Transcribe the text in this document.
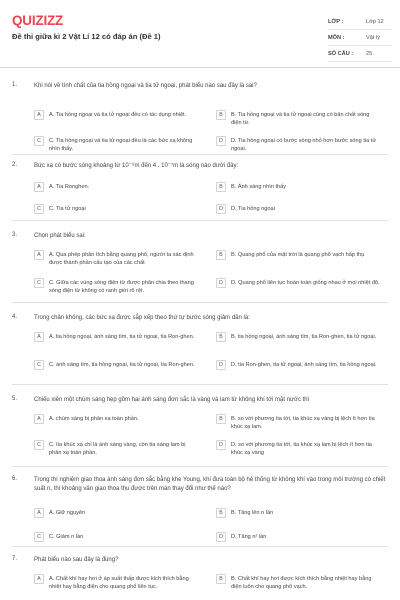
QUIZIZZ
Đề thi giữa kì 2 Vật Lí 12 có đáp án (Đề 1)
LỚP :	Lớp 12
MÔN :	Vật lý
SỐ CÂU : 25
1.	Khi nói về tính chất của tia hồng ngoại và tia tử ngoại, phát biểu nào sau đây là sai?
A	A. Tia hồng ngoại và tia tử ngoại đều có tác dụng nhiệt.	B	B. Tia hồng ngoại và tia tử ngoại cùng có bản chất sóng điện từ.
C	C. Tia hồng ngoại và tia tử ngoại đều là các bức xạ không nhìn thấy.
D	D. Tia hồng ngoại có bước sóng nhỏ hơn bước sóng tia tử ngoại.
2.	Bức xạ có bước sóng khoảng từ 10⁻⁹m đến 4 . 10⁻⁷m là sóng nào dưới đây:
A	A. Tia Ronghen.	B	B. Ánh sáng nhìn thấy
C	C. Tia tử ngoại	D	D. Tia hồng ngoại
3.	Chọn phát biểu sai:
A	A. Qua phép phân tích bằng quang phổ, người ta xác định được thành phần cấu tạo của các chất
B	B. Quang phổ của mặt trời là quang phổ vạch hấp thụ
C	C. Giữa các vùng sóng điện từ được phân chia theo thang sóng điện từ không có ranh giới rõ rệt.
D	D. Quang phổ liên tục hoàn toàn giống nhau ở mọi nhiệt độ.
4.	Trong chân không, các bức xạ được sắp xếp theo thứ tự bước sóng giảm dần là:
A	A. tia hồng ngoại, ánh sáng tím, tia tử ngoại, tia Ron-ghen.	B	B. tia hồng ngoại, ánh sáng tím, tia Ron-ghen, tia tử ngoại.
C	C. ánh sáng tím, tia hồng ngoại, tia tử ngoại, tia Ron-ghen.	D	D. tia Ron-ghen, tia tử ngoại, ánh sáng tím, tia hồng ngoại.
5.	Chiếu xiên một chùm sáng hẹp gồm hai ánh sáng đơn sắc là vàng và lam từ không khí tới mặt nước thì
A	A. chùm sáng bị phản xạ toàn phần.	B	B. so với phương tia tới, tia khúc xạ vàng bị lệch ít hơn tia khúc xạ lam.
C	C. tia khúc xạ chỉ là ánh sáng vàng, còn tia sáng lam bị phản xạ toàn phần.
D	D. so với phương tia tới, tia khúc xạ lam bị lệch ít hơn tia khúc xạ vàng
6.	Trong thí nghiệm giao thoa ánh sáng đơn sắc bằng khe Young, khi đưa toàn bộ hệ thống từ không khí vào trong môi trường có chiết suất n, thì khoảng vân giao thoa thu được trên màn thay đổi như thế nào?
A	A. Giữ nguyên	B	B. Tăng lên n lần
C	C. Giảm n lần	D	D. Tăng n² lần
7.	Phát biểu nào sau đây là đúng?
A	A. Chất khí hay hơi ở áp suất thấp được kích thích bằng nhiệt hay bằng điện cho quang phổ liên tục.
B	B. Chất khí hay hơi được kích thích bằng nhiệt hay bằng điện luôn cho quang phổ vạch.
